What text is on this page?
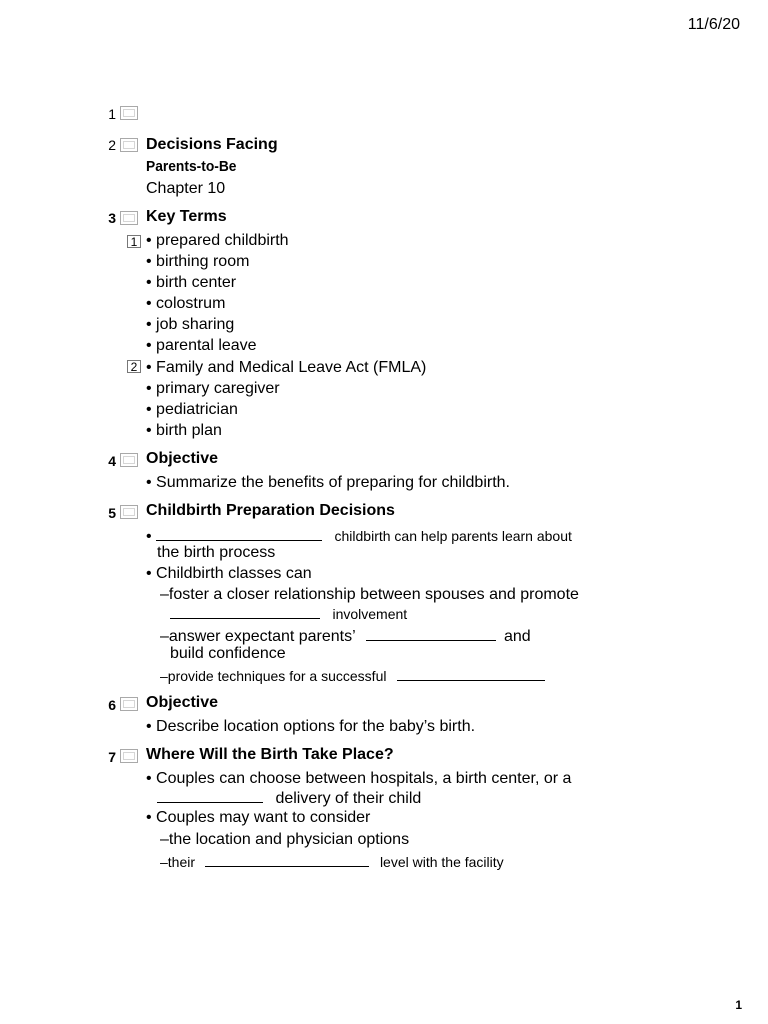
11/6/20
1
2 Decisions Facing
Parents-to-Be
Chapter 10
3 Key Terms
1 • prepared childbirth
• birthing room
• birth center
• colostrum
• job sharing
• parental leave
2 • Family and Medical Leave Act (FMLA)
• primary caregiver
• pediatrician
• birth plan
4 Objective
• Summarize the benefits of preparing for childbirth.
5 Childbirth Preparation Decisions
•	childbirth can help parents learn about
the birth process
• Childbirth classes can
–foster a closer relationship between spouses and promote
involvement
–answer expectant parents’	and
build confidence
–provide techniques for a successful
6 Objective
• Describe location options for the baby’s birth.
7 Where Will the Birth Take Place?
• Couples can choose between hospitals, a birth center, or a
delivery of their child
• Couples may want to consider
–the location and physician options
–their	level with the facility
1
